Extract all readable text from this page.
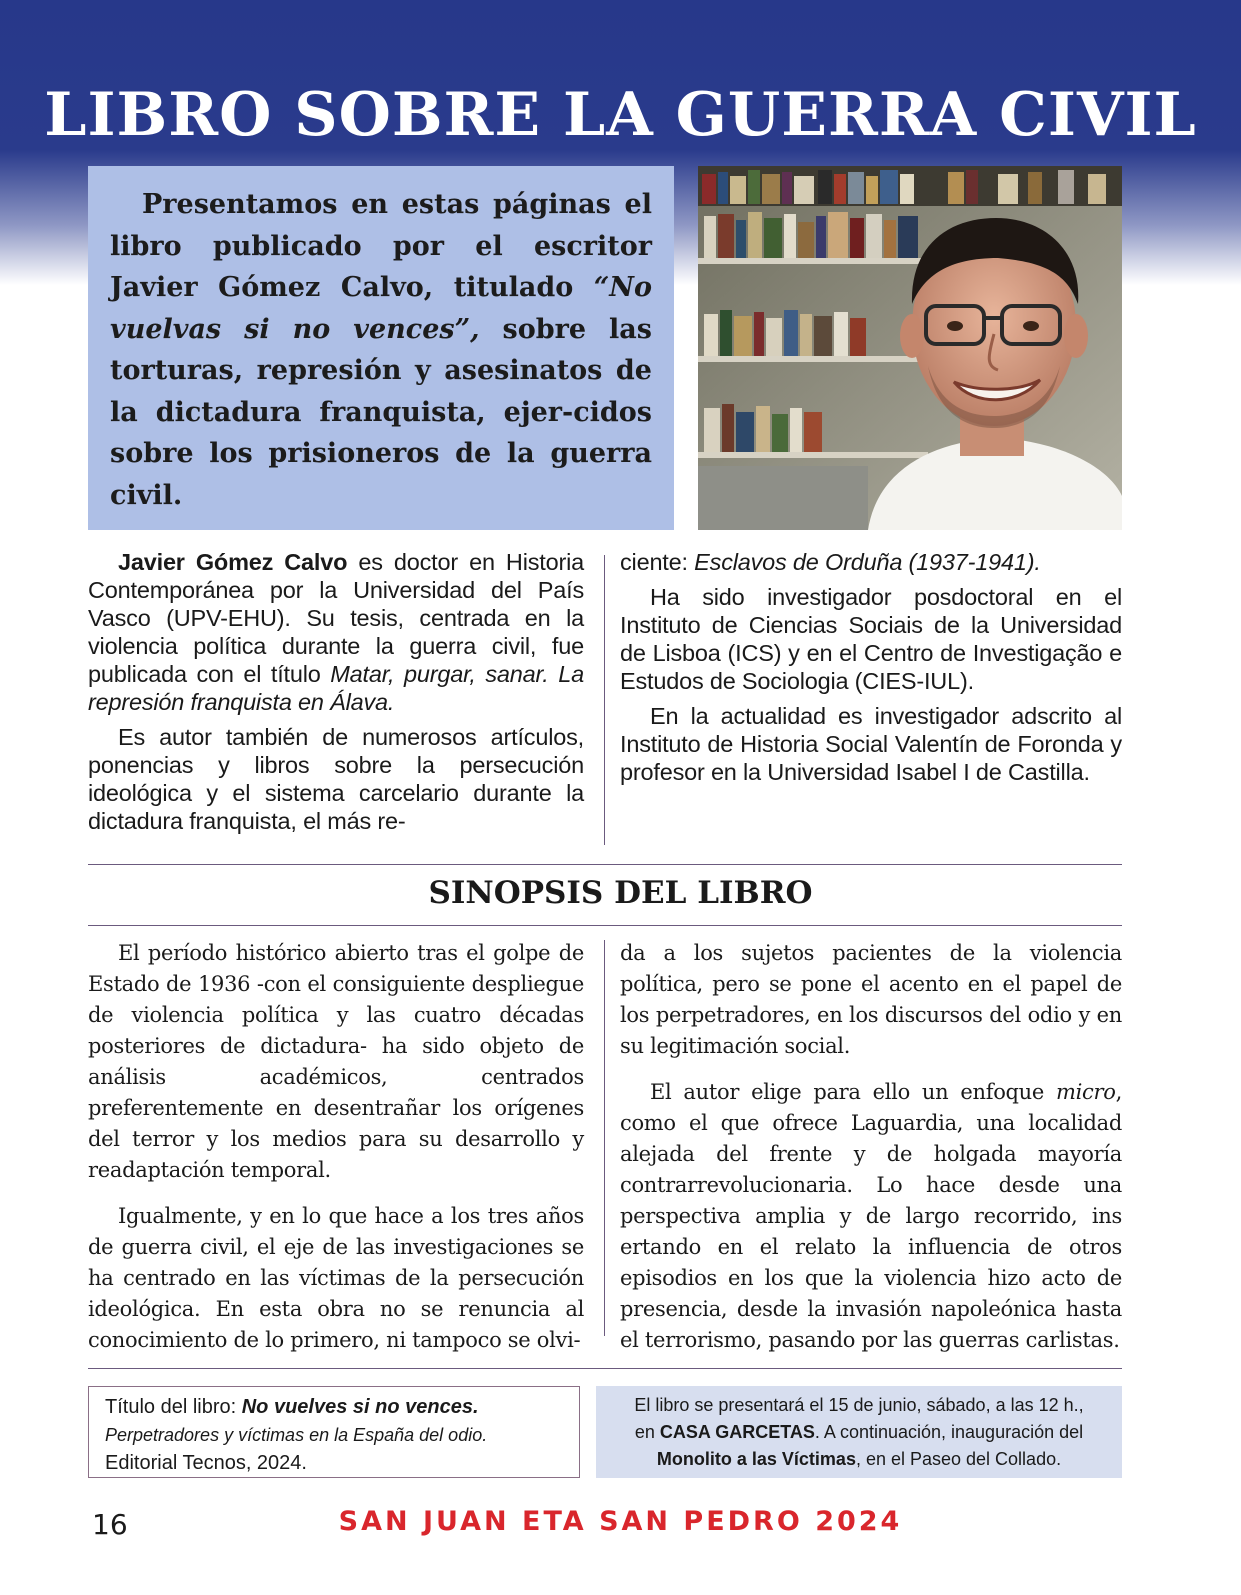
LIBRO SOBRE LA GUERRA CIVIL

Presentamos en estas páginas el libro publicado por el escritor Javier Gómez Calvo, titulado “No vuelvas si no vences”, sobre las torturas, represión y asesinatos de la dictadura franquista, ejer-cidos sobre los prisioneros de la guerra civil.

Javier Gómez Calvo es doctor en Historia Contemporánea por la Universidad del País Vasco (UPV-EHU). Su tesis, centrada en la violencia política durante la guerra civil, fue publicada con el título Matar, purgar, sanar. La represión franquista en Álava.

Es autor también de numerosos artículos, ponencias y libros sobre la persecución ideológica y el sistema carcelario durante la dictadura franquista, el más re-

ciente: Esclavos de Orduña (1937-1941).

Ha sido investigador posdoctoral en el Instituto de Ciencias Sociais de la Universidad de Lisboa (ICS) y en el Centro de Investigação e Estudos de Sociologia (CIES-IUL).

En la actualidad es investigador adscrito al Instituto de Historia Social Valentín de Foronda y profesor en la Universidad Isabel I de Castilla.

SINOPSIS DEL LIBRO

El período histórico abierto tras el golpe de Estado de 1936 -con el consiguiente despliegue de violencia política y las cuatro décadas posteriores de dictadura- ha sido objeto de análisis académicos, centrados preferentemente en desentrañar los orígenes del terror y los medios para su desarrollo y readaptación temporal.

Igualmente, y en lo que hace a los tres años de guerra civil, el eje de las investigaciones se ha centrado en las víctimas de la persecución ideológica. En esta obra no se renuncia al conocimiento de lo primero, ni tampoco se olvi-

da a los sujetos pacientes de la violencia política, pero se pone el acento en el papel de los perpetradores, en los discursos del odio y en su legitimación social.

El autor elige para ello un enfoque micro, como el que ofrece Laguardia, una localidad alejada del frente y de holgada mayoría contrarrevolucionaria. Lo hace desde una perspectiva amplia y de largo recorrido, ins ertando en el relato la influencia de otros episodios en los que la violencia hizo acto de presencia, desde la invasión napoleónica hasta el terrorismo, pasando por las guerras carlistas.

Título del libro: No vuelves si no vences.
Perpetradores y víctimas en la España del odio.
Editorial Tecnos, 2024.
El libro se presentará el 15 de junio, sábado, a las 12 h.,
en CASA GARCETAS. A continuación, inauguración del
Monolito a las Víctimas, en el Paseo del Collado.
16	SAN JUAN ETA SAN PEDRO 2024
